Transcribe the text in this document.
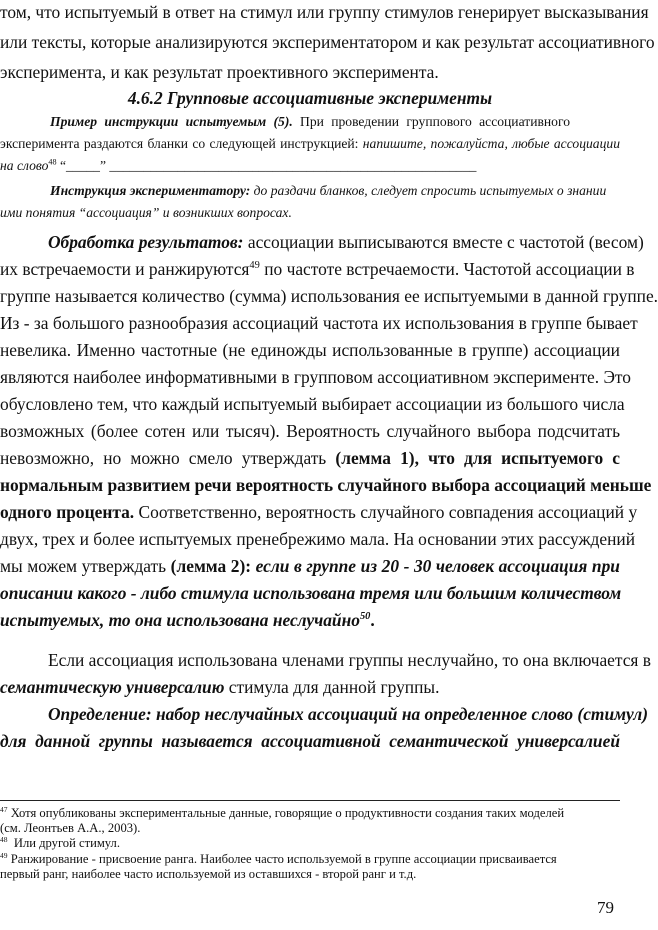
том, что испытуемый в ответ на стимул или группу стимулов генерирует высказывания
или тексты, которые анализируются экспериментатором и как результат ассоциативного
эксперимента, и как результат проективного эксперимента.
4.6.2 Групповые ассоциативные эксперименты
Пример инструкции испытуемым (5). При проведении группового ассоциативного
эксперимента раздаются бланки со следующей инструкцией: напишите, пожалуйста, любые ассоциации
на слово$^{48}$ “_____” ______________________________________________________
Инструкция экспериментатору: до раздачи бланков, следует спросить испытуемых о знании
ими понятия “ассоциация” и возникших вопросах.
Обработка результатов: ассоциации выписываются вместе с частотой (весом)
их встречаемости и ранжируются$^{49}$ по частоте встречаемости. Частотой ассоциации в
группе называется количество (сумма) использования ее испытуемыми в данной группе.
Из - за большого разнообразия ассоциаций частота их использования в группе бывает
невелика. Именно частотные (не единожды использованные в группе) ассоциации
являются наиболее информативными в групповом ассоциативном эксперименте. Это
обусловлено тем, что каждый испытуемый выбирает ассоциации из большого числа
возможных (более сотен или тысяч). Вероятность случайного выбора подсчитать
невозможно, но можно смело утверждать (лемма 1), что для испытуемого с
нормальным развитием речи вероятность случайного выбора ассоциаций меньше
одного процента. Соответственно, вероятность случайного совпадения ассоциаций у
двух, трех и более испытуемых пренебрежимо мала. На основании этих рассуждений
мы можем утверждать (лемма 2): если в группе из 20 - 30 человек ассоциация при
описании какого - либо стимула использована тремя или большим количеством
испытуемых, то она использована неслучайно$^{50}$.
Если ассоциация использована членами группы неслучайно, то она включается в
семантическую универсалию стимула для данной группы.
Определение: набор неслучайных ассоциаций на определенное слово (стимул)
для данной группы называется ассоциативной семантической универсалией
$^{47}$ Хотя опубликованы экспериментальные данные, говорящие о продуктивности создания таких моделей
(см. Леонтьев А.А., 2003).
$^{48}$ Или другой стимул.
$^{49}$ Ранжирование - присвоение ранга. Наиболее часто используемой в группе ассоциации присваивается
первый ранг, наиболее часто используемой из оставшихся - второй ранг и т.д.
79
